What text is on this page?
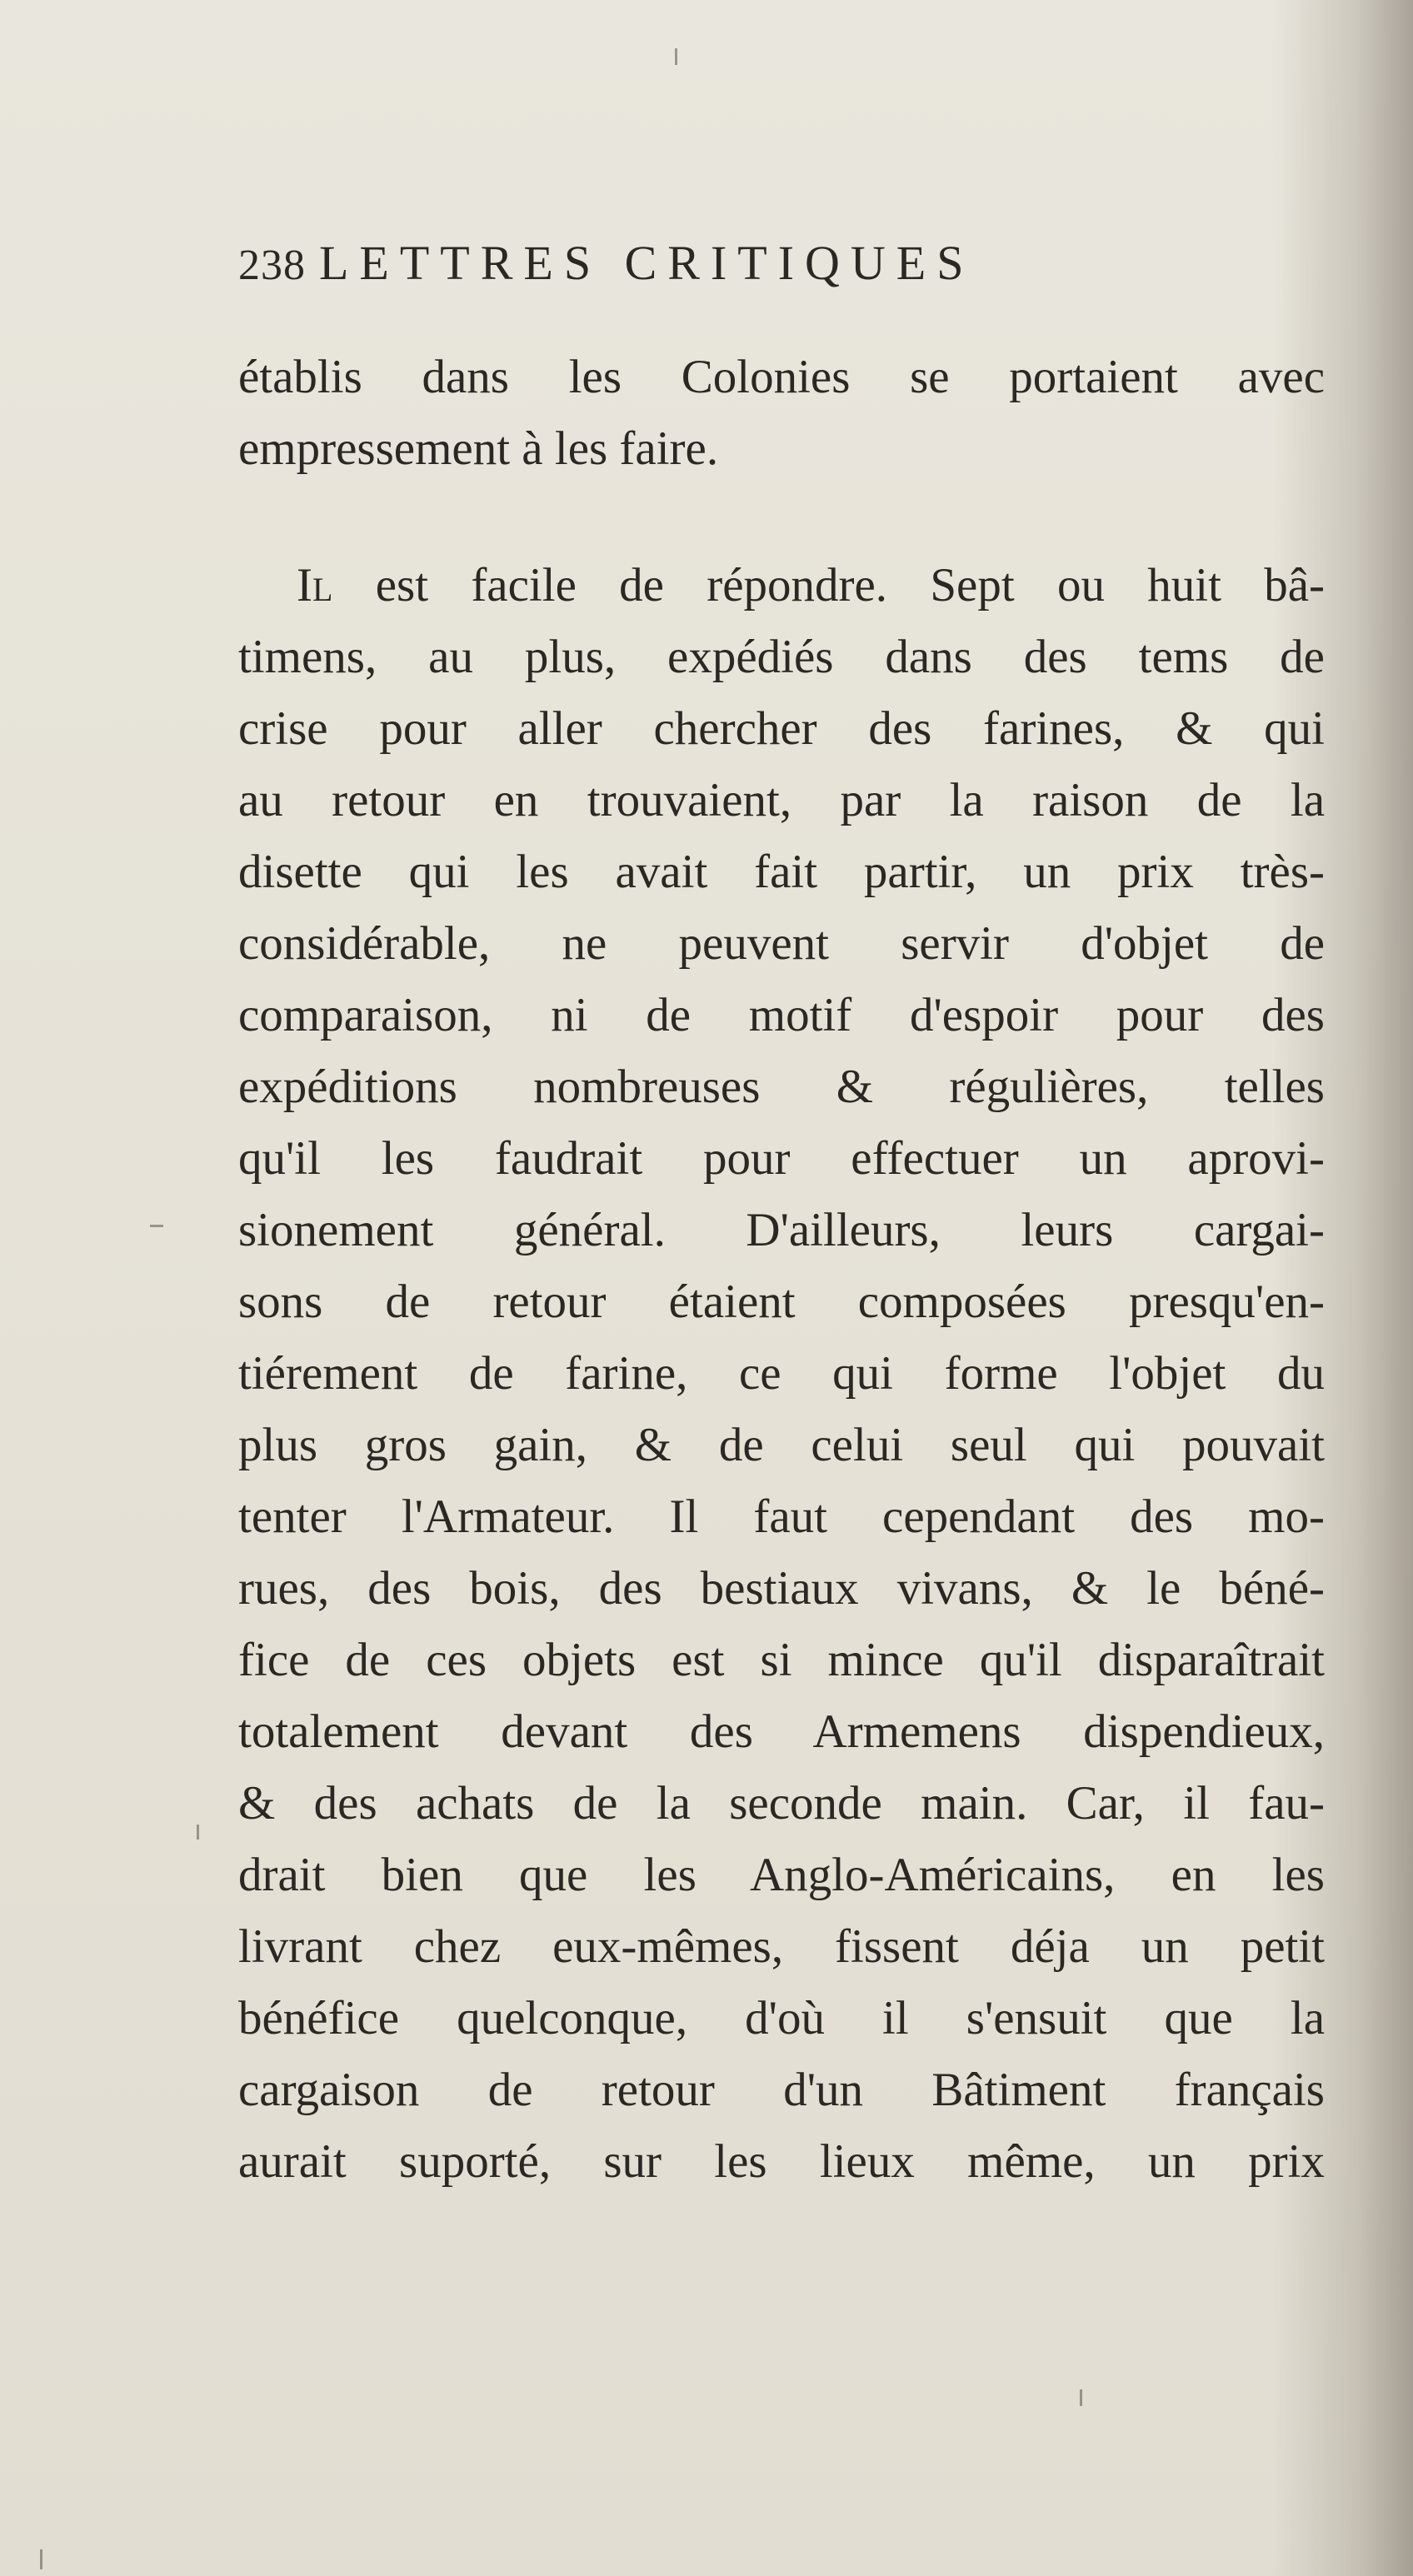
238 LETTRES CRITIQUES
établis dans les Colonies se portaient avec
empressement à les faire.
Il est facile de répondre. Sept ou huit bâ-
timens, au plus, expédiés dans des tems de
crise pour aller chercher des farines, & qui
au retour en trouvaient, par la raison de la
disette qui les avait fait partir, un prix très-
considérable, ne peuvent servir d'objet de
comparaison, ni de motif d'espoir pour des
expéditions nombreuses & régulières, telles
qu'il les faudrait pour effectuer un aprovi-
sionement général. D'ailleurs, leurs cargai-
sons de retour étaient composées presqu'en-
tiérement de farine, ce qui forme l'objet du
plus gros gain, & de celui seul qui pouvait
tenter l'Armateur. Il faut cependant des mo-
rues, des bois, des bestiaux vivans, & le béné-
fice de ces objets est si mince qu'il disparaîtrait
totalement devant des Armemens dispendieux,
& des achats de la seconde main. Car, il fau-
drait bien que les Anglo-Américains, en les
livrant chez eux-mêmes, fissent déja un petit
bénéfice quelconque, d'où il s'ensuit que la
cargaison de retour d'un Bâtiment français
aurait suporté, sur les lieux même, un prix
